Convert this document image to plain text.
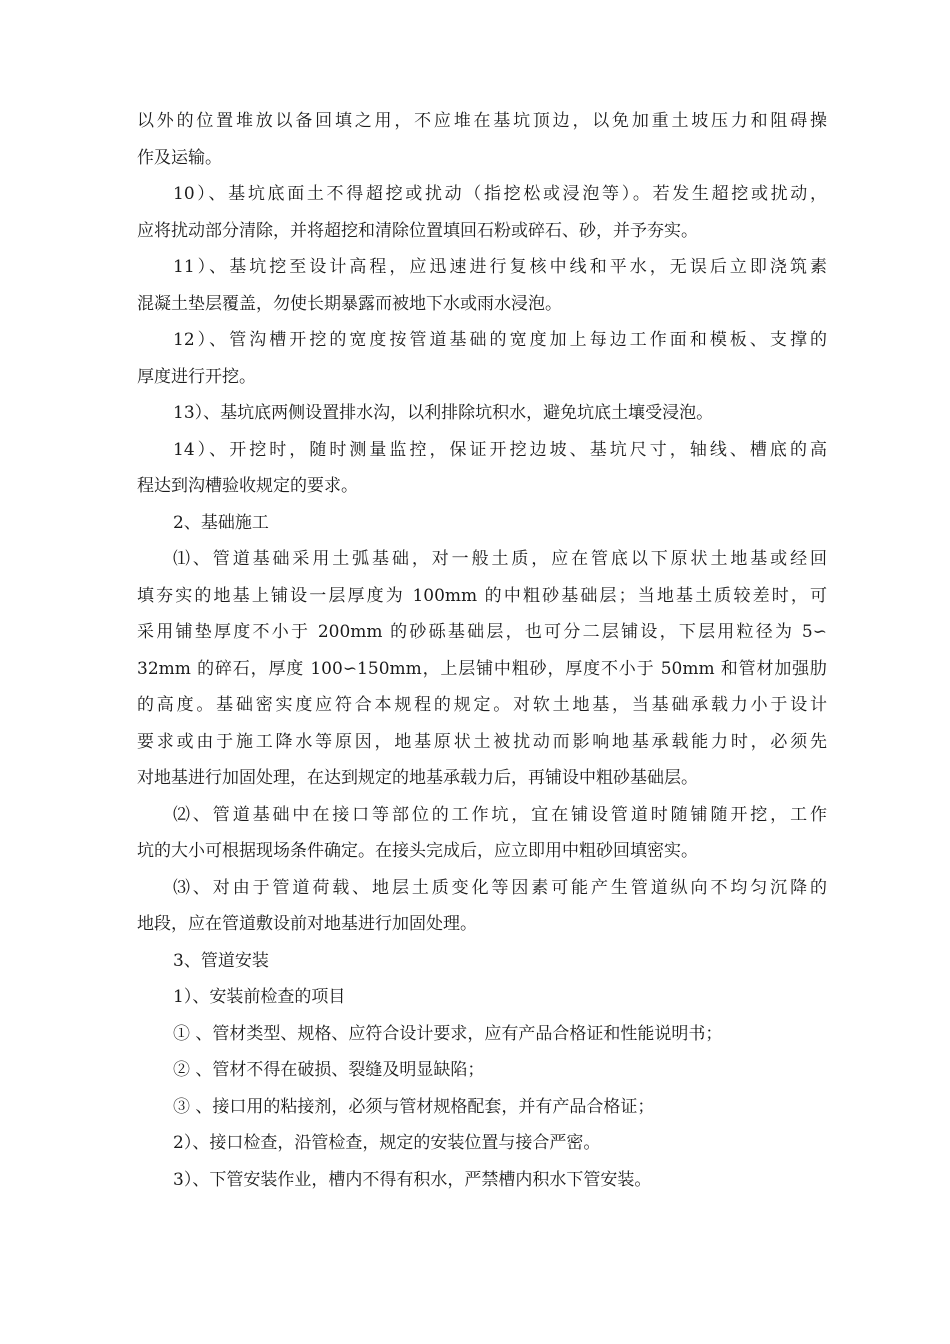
以外的位置堆放以备回填之用，不应堆在基坑顶边，以免加重土坡压力和阻碍操
作及运输。
10）、基坑底面土不得超挖或扰动（指挖松或浸泡等）。若发生超挖或扰动，
应将扰动部分清除，并将超挖和清除位置填回石粉或碎石、砂，并予夯实。
11）、基坑挖至设计高程，应迅速进行复核中线和平水，无误后立即浇筑素
混凝土垫层覆盖，勿使长期暴露而被地下水或雨水浸泡。
12）、管沟槽开挖的宽度按管道基础的宽度加上每边工作面和模板、支撑的
厚度进行开挖。
13）、基坑底两侧设置排水沟，以利排除坑积水，避免坑底土壤受浸泡。
14）、开挖时，随时测量监控，保证开挖边坡、基坑尺寸，轴线、槽底的高
程达到沟槽验收规定的要求。
2、基础施工
⑴、管道基础采用土弧基础，对一般土质，应在管底以下原状土地基或经回
填夯实的地基上铺设一层厚度为 100mm 的中粗砂基础层；当地基土质较差时，可
采用铺垫厚度不小于 200mm 的砂砾基础层，也可分二层铺设，下层用粒径为 5∽
32mm 的碎石，厚度 100∽150mm，上层铺中粗砂，厚度不小于 50mm 和管材加强肋
的高度。基础密实度应符合本规程的规定。对软土地基，当基础承载力小于设计
要求或由于施工降水等原因，地基原状土被扰动而影响地基承载能力时，必须先
对地基进行加固处理，在达到规定的地基承载力后，再铺设中粗砂基础层。
⑵、管道基础中在接口等部位的工作坑，宜在铺设管道时随铺随开挖，工作
坑的大小可根据现场条件确定。在接头完成后，应立即用中粗砂回填密实。
⑶、对由于管道荷载、地层土质变化等因素可能产生管道纵向不均匀沉降的
地段，应在管道敷设前对地基进行加固处理。
3、管道安装
1）、安装前检查的项目
① 、管材类型、规格、应符合设计要求，应有产品合格证和性能说明书；
② 、管材不得在破损、裂缝及明显缺陷；
③ 、接口用的粘接剂，必须与管材规格配套，并有产品合格证；
2）、接口检查，沿管检查，规定的安装位置与接合严密。
3）、下管安装作业，槽内不得有积水，严禁槽内积水下管安装。
